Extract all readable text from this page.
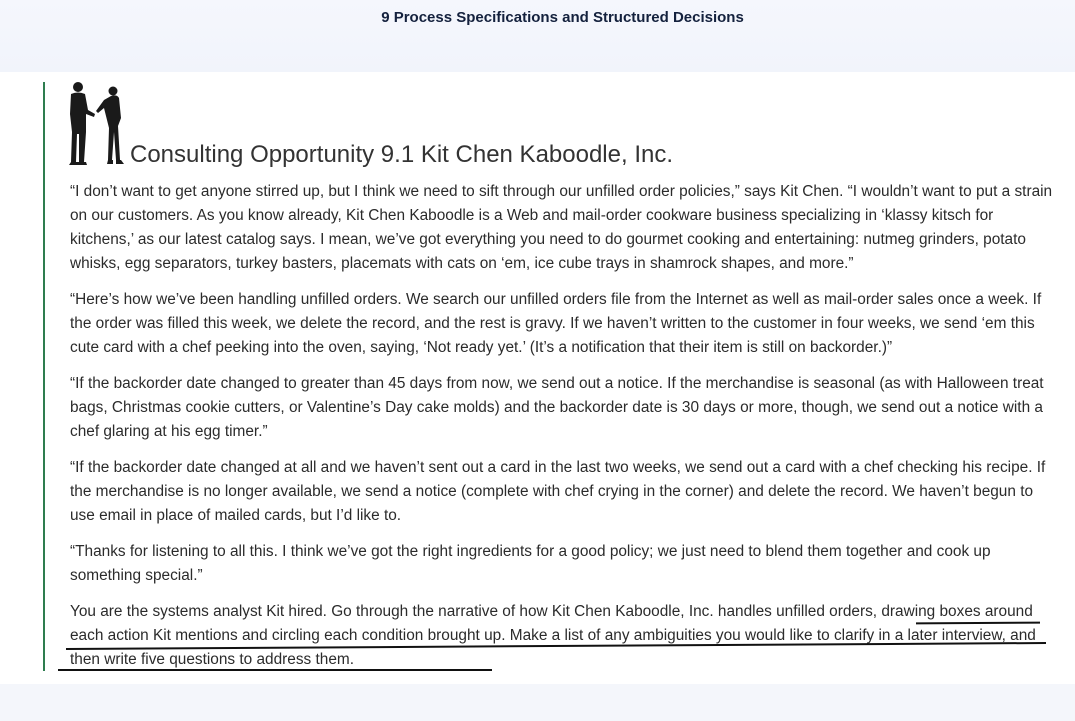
9 Process Specifications and Structured Decisions
Consulting Opportunity 9.1 Kit Chen Kaboodle, Inc.

“I don’t want to get anyone stirred up, but I think we need to sift through our unfilled order policies,” says Kit Chen. “I wouldn’t want to put a strain on our customers. As you know already, Kit Chen Kaboodle is a Web and mail-order cookware business specializing in ‘klassy kitsch for kitchens,’ as our latest catalog says. I mean, we’ve got everything you need to do gourmet cooking and entertaining: nutmeg grinders, potato whisks, egg separators, turkey basters, placemats with cats on ‘em, ice cube trays in shamrock shapes, and more.”

“Here’s how we’ve been handling unfilled orders. We search our unfilled orders file from the Internet as well as mail-order sales once a week. If the order was filled this week, we delete the record, and the rest is gravy. If we haven’t written to the customer in four weeks, we send ‘em this cute card with a chef peeking into the oven, saying, ‘Not ready yet.’ (It’s a notification that their item is still on backorder.)”

“If the backorder date changed to greater than 45 days from now, we send out a notice. If the merchandise is seasonal (as with Halloween treat bags, Christmas cookie cutters, or Valentine’s Day cake molds) and the backorder date is 30 days or more, though, we send out a notice with a chef glaring at his egg timer.”

“If the backorder date changed at all and we haven’t sent out a card in the last two weeks, we send out a card with a chef checking his recipe. If the merchandise is no longer available, we send a notice (complete with chef crying in the corner) and delete the record. We haven’t begun to use email in place of mailed cards, but I’d like to.

“Thanks for listening to all this. I think we’ve got the right ingredients for a good policy; we just need to blend them together and cook up something special.”

You are the systems analyst Kit hired. Go through the narrative of how Kit Chen Kaboodle, Inc. handles unfilled orders, drawing boxes around each action Kit mentions and circling each condition brought up. Make a list of any ambiguities you would like to clarify in a later interview, and then write five questions to address them.
